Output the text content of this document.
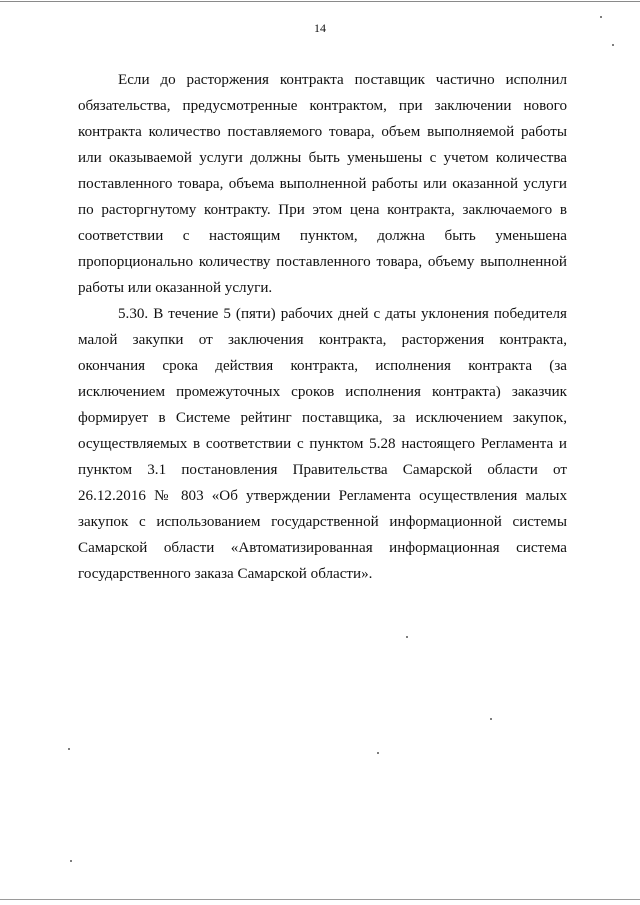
14

Если до расторжения контракта поставщик частично исполнил обязательства, предусмотренные контрактом, при заключении нового контракта количество поставляемого товара, объем выполняемой работы или оказываемой услуги должны быть уменьшены с учетом количества поставленного товара, объема выполненной работы или оказанной услуги по расторгнутому контракту. При этом цена контракта, заключаемого в соответствии с настоящим пунктом, должна быть уменьшена пропорционально количеству поставленного товара, объему выполненной работы или оказанной услуги.

5.30. В течение 5 (пяти) рабочих дней с даты уклонения победителя малой закупки от заключения контракта, расторжения контракта, окончания срока действия контракта, исполнения контракта (за исключением промежуточных сроков исполнения контракта) заказчик формирует в Системе рейтинг поставщика, за исключением закупок, осуществляемых в соответствии с пунктом 5.28 настоящего Регламента и пунктом 3.1 постановления Правительства Самарской области от 26.12.2016 № 803 «Об утверждении Регламента осуществления малых закупок с использованием государственной информационной системы Самарской области «Автоматизированная информационная система государственного заказа Самарской области».
